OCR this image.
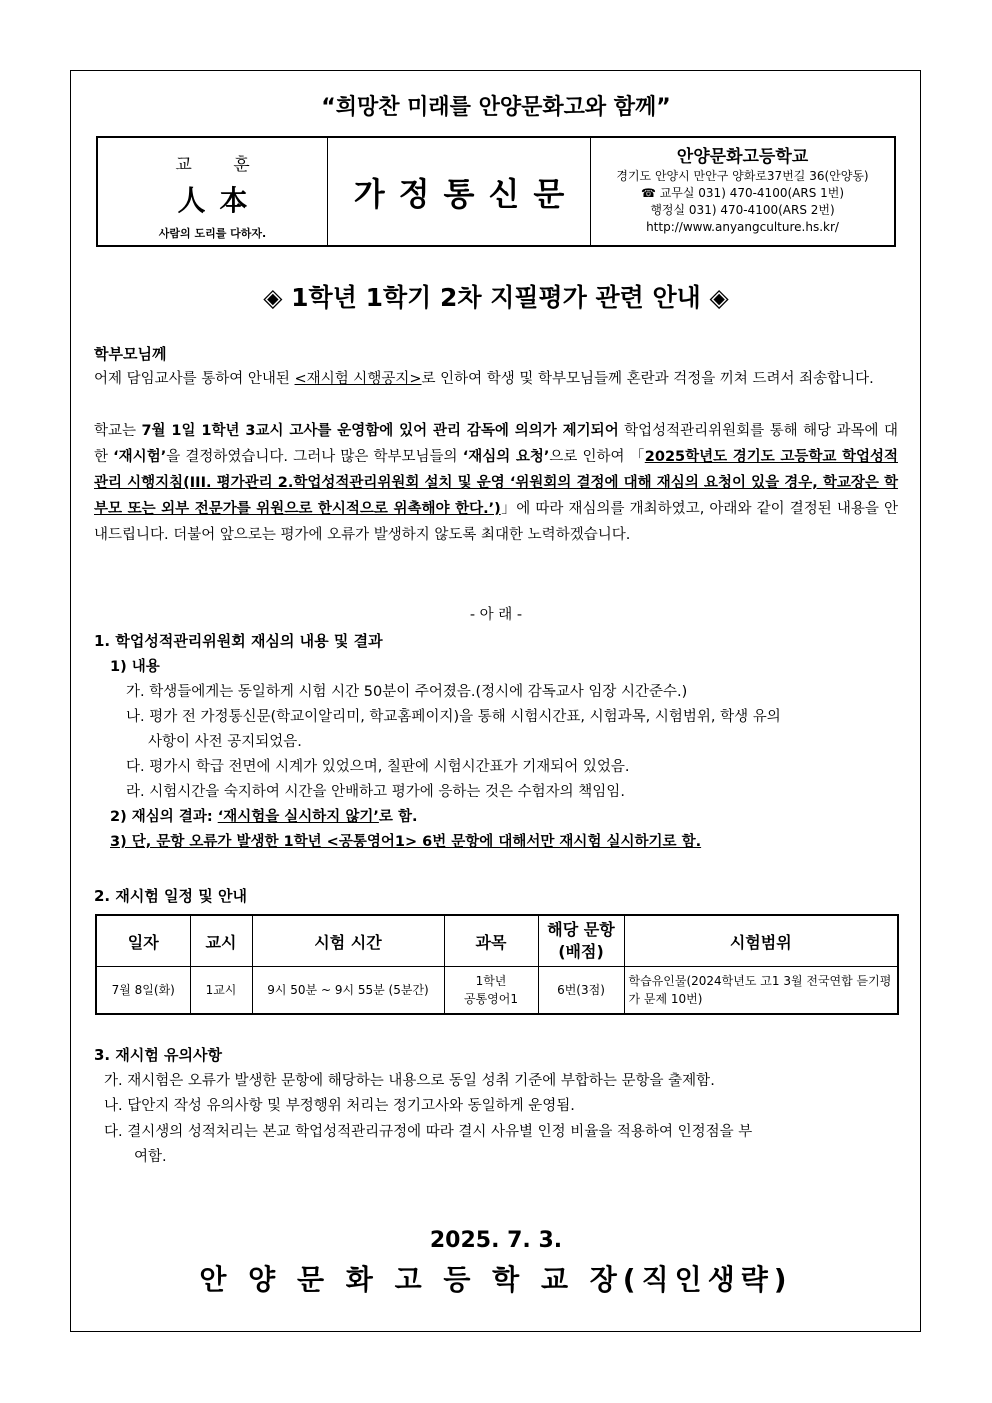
“희망찬 미래를 안양문화고와 함께”
교 훈
人本
사람의 도리를 다하자.
가정통신문
안양문화고등학교
경기도 안양시 만안구 양화로37번길 36(안양동)
☎ 교무실 031) 470-4100(ARS 1번)
행정실 031) 470-4100(ARS 2번)
http://www.anyangculture.hs.kr/
◈ 1학년 1학기 2차 지필평가 관련 안내 ◈
학부모님께
어제 담임교사를 통하여 안내된 <재시험 시행공지>로 인하여 학생 및 학부모님들께 혼란과 걱정을 끼쳐 드려서 죄송합니다.
학교는 7월 1일 1학년 3교시 고사를 운영함에 있어 관리 감독에 의의가 제기되어 학업성적관리위원회를 통해 해당 과목에 대한 ‘재시험’을 결정하였습니다. 그러나 많은 학부모님들의 ‘재심의 요청’으로 인하여 「2025학년도 경기도 고등학교 학업성적관리 시행지침(III. 평가관리 2.학업성적관리위원회 설치 및 운영 ‘위원회의 결정에 대해 재심의 요청이 있을 경우, 학교장은 학부모 또는 외부 전문가를 위원으로 한시적으로 위촉해야 한다.’)」에 따라 재심의를 개최하였고, 아래와 같이 결정된 내용을 안내드립니다. 더불어 앞으로는 평가에 오류가 발생하지 않도록 최대한 노력하겠습니다.
- 아 래 -
1. 학업성적관리위원회 재심의 내용 및 결과
1) 내용
가. 학생들에게는 동일하게 시험 시간 50분이 주어졌음.(정시에 감독교사 임장 시간준수.)
나. 평가 전 가정통신문(학교이알리미, 학교홈페이지)을 통해 시험시간표, 시험과목, 시험범위, 학생 유의
사항이 사전 공지되었음.
다. 평가시 학급 전면에 시계가 있었으며, 칠판에 시험시간표가 기재되어 있었음.
라. 시험시간을 숙지하여 시간을 안배하고 평가에 응하는 것은 수험자의 책임임.
2) 재심의 결과: ‘재시험을 실시하지 않기’로 함.
3) 단, 문항 오류가 발생한 1학년 <공통영어1> 6번 문항에 대해서만 재시험 실시하기로 함.
2. 재시험 일정 및 안내
일자	교시	시험 시간	과목	해당 문항
(배점)	시험범위
7월 8일(화)	1교시	9시 50분 ~ 9시 55분 (5분간)	1학년
공통영어1	6번(3점)	학습유인물(2024학년도 고1 3월 전국연합 듣기평가 문제 10번)
3. 재시험 유의사항
가. 재시험은 오류가 발생한 문항에 해당하는 내용으로 동일 성취 기준에 부합하는 문항을 출제함.
나. 답안지 작성 유의사항 및 부정행위 처리는 정기고사와 동일하게 운영됨.
다. 결시생의 성적처리는 본교 학업성적관리규정에 따라 결시 사유별 인정 비율을 적용하여 인정점을 부
여함.
2025. 7. 3.
안 양 문 화 고 등 학 교 장(직인생략)
